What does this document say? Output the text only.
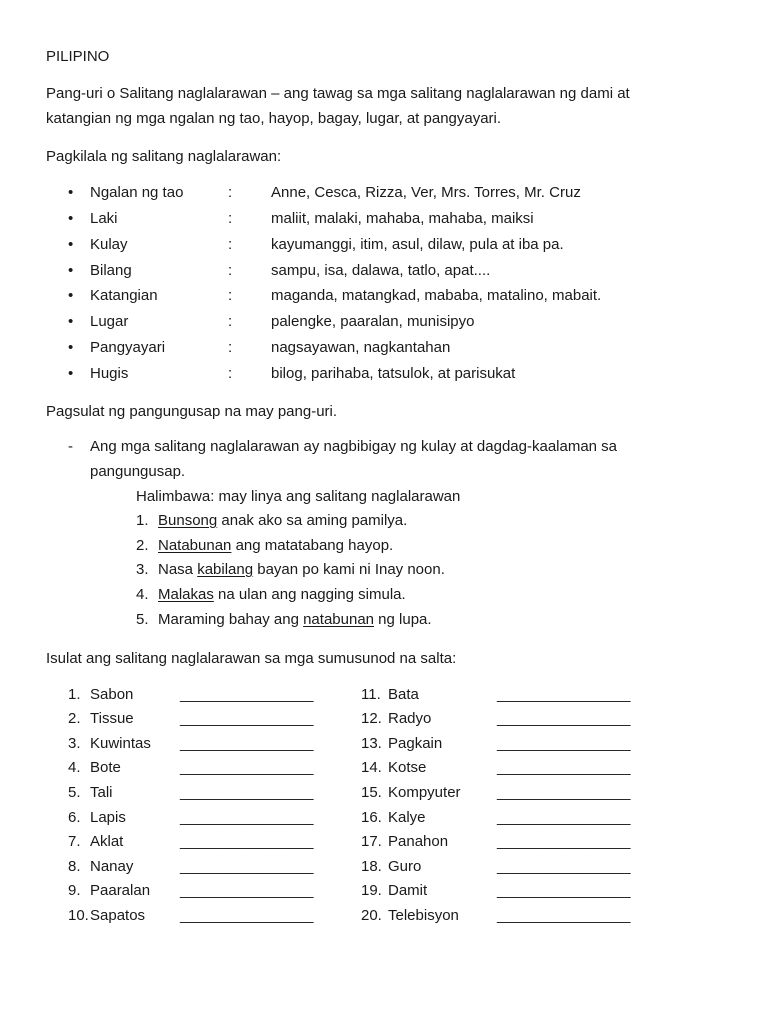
PILIPINO
Pang-uri o Salitang naglalarawan – ang tawag sa mga salitang naglalarawan ng dami at
katangian ng mga ngalan ng tao, hayop, bagay, lugar, at pangyayari.
Pagkilala ng salitang naglalarawan:
• Ngalan ng tao	:	Anne, Cesca, Rizza, Ver, Mrs. Torres, Mr. Cruz
• Laki	:	maliit, malaki, mahaba, mahaba, maiksi
• Kulay	:	kayumanggi, itim, asul, dilaw, pula at iba pa.
• Bilang	:	sampu, isa, dalawa, tatlo, apat....
• Katangian	:	maganda, matangkad, mababa, matalino, mabait.
• Lugar	:	palengke, paaralan, munisipyo
• Pangyayari	:	nagsayawan, nagkantahan
• Hugis	:	bilog, parihaba, tatsulok, at parisukat
Pagsulat ng pangungusap na may pang-uri.
- Ang mga salitang naglalarawan ay nagbibigay ng kulay at dagdag-kaalaman sa pangungusap.
Halimbawa: may linya ang salitang naglalarawan
1. Bunsong anak ako sa aming pamilya.
2. Natabunan ang matatabang hayop.
3. Nasa kabilang bayan po kami ni Inay noon.
4. Malakas na ulan ang nagging simula.
5. Maraming bahay ang natabunan ng lupa.
Isulat ang salitang naglalarawan sa mga sumusunod na salta:
1. Sabon	________________
2. Tissue	________________
3. Kuwintas ________________
4. Bote	________________
5. Tali	________________
6. Lapis	________________
7. Aklat	________________
8. Nanay	________________
9. Paaralan ________________
10.Sapatos ________________
11. Bata	________________
12. Radyo	________________
13. Pagkain	________________
14. Kotse	________________
15. Kompyuter ________________
16. Kalye	________________
17. Panahon	________________
18. Guro	________________
19. Damit	________________
20. Telebisyon	________________
